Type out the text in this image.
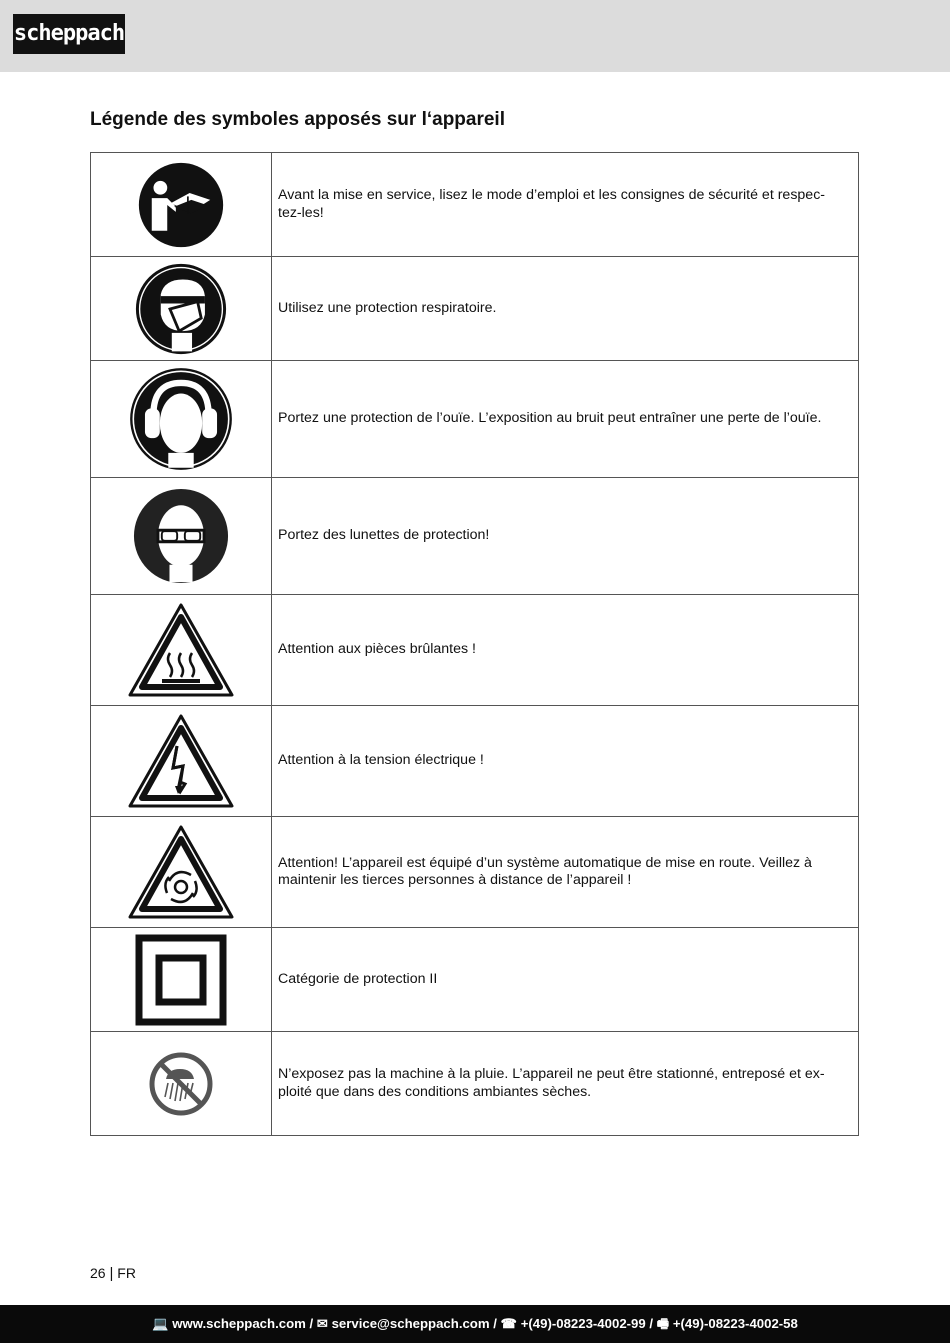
scheppach
Légende des symboles apposés sur l‘appareil
	Avant la mise en service, lisez le mode d’emploi et les consignes de sécurité et respec-tez-les!

	Utilisez une protection respiratoire.

	Portez une protection de l’ouïe. L’exposition au bruit peut entraîner une perte de l’ouïe.

	Portez des lunettes de protection!

	Attention aux pièces brûlantes !

	Attention à la tension électrique !

	Attention! L’appareil est équipé d’un système automatique de mise en route. Veillez à maintenir les tierces personnes à distance de l’appareil !

	Catégorie de protection II

	N’exposez pas la machine à la pluie. L’appareil ne peut être stationné, entreposé et ex-ploité que dans des conditions ambiantes sèches.
26 | FR
💻 www.scheppach.com / ✉ service@scheppach.com / ☎ +(49)-08223-4002-99 / 🖷 +(49)-08223-4002-58
